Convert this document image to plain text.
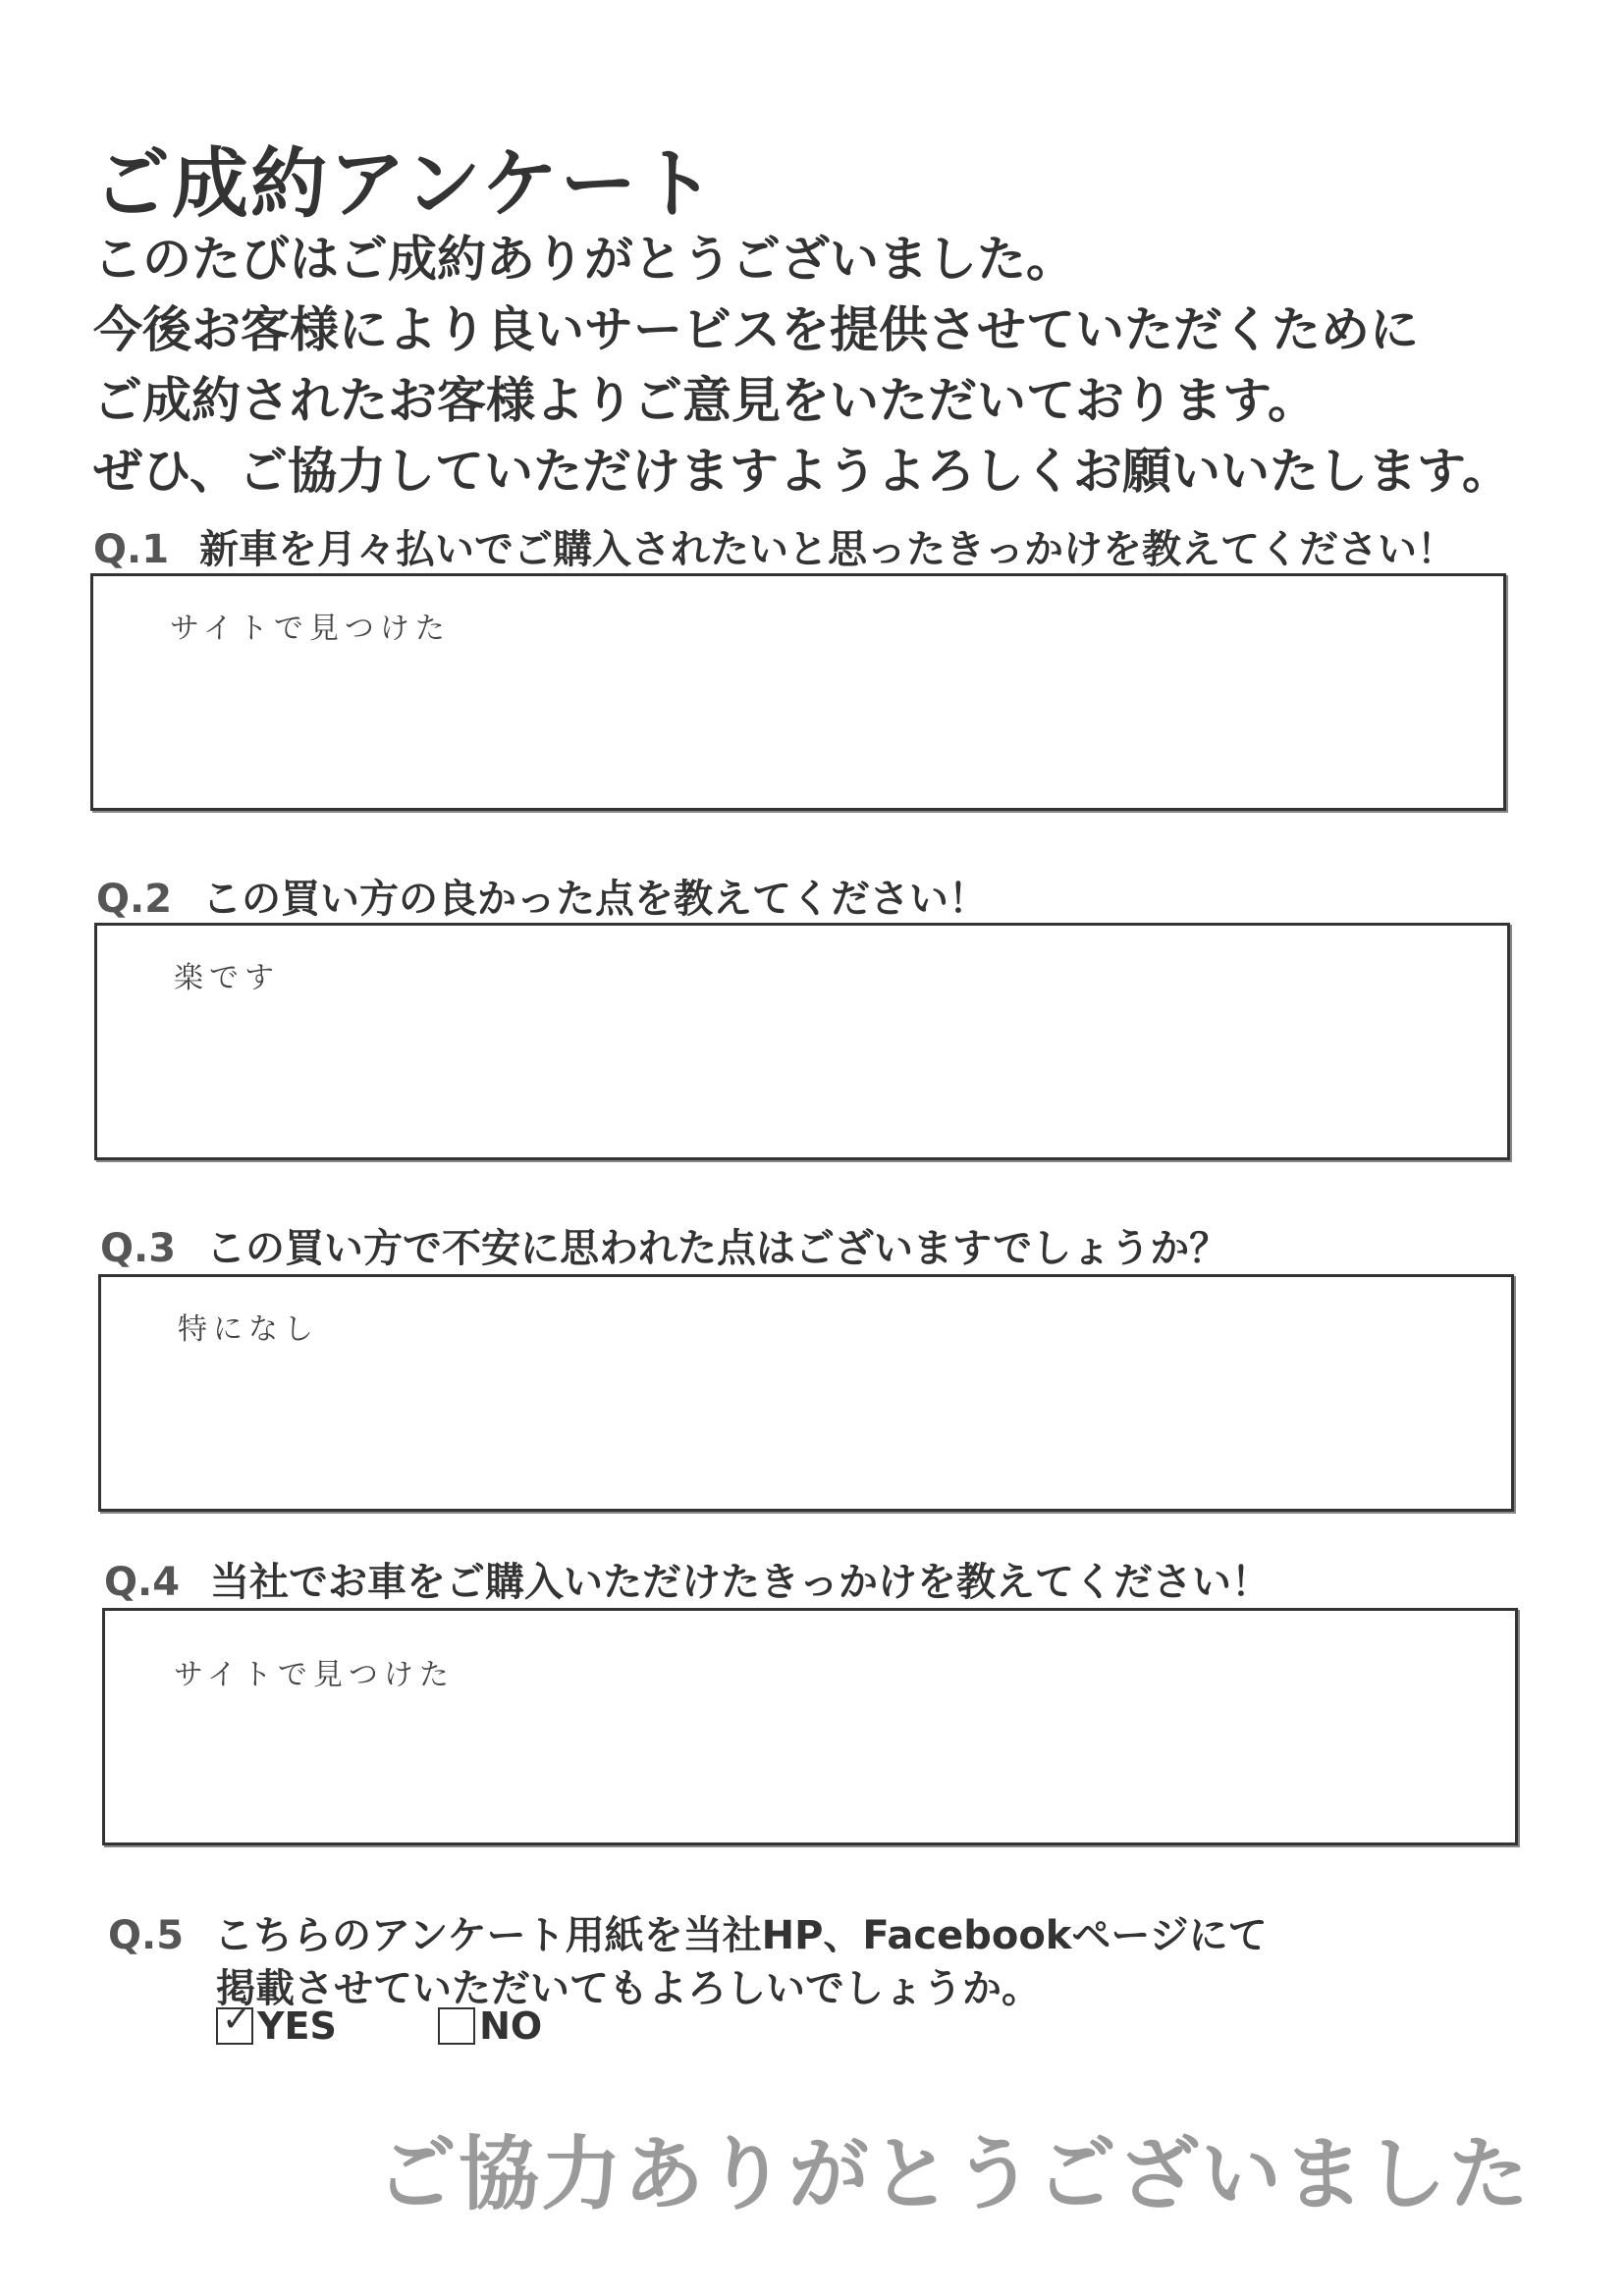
ご成約アンケート
このたびはご成約ありがとうございました。
今後お客様により良いサービスを提供させていただくために
ご成約されたお客様よりご意見をいただいております。
ぜひ、ご協力していただけますようよろしくお願いいたします。
Q.1 新車を月々払いでご購入されたいと思ったきっかけを教えてください！
サイトで見つけた
Q.2 この買い方の良かった点を教えてください！
楽です
Q.3 この買い方で不安に思われた点はございますでしょうか？
特になし
Q.4 当社でお車をご購入いただけたきっかけを教えてください！
サイトで見つけた
Q.5 こちらのアンケート用紙を当社HP、Facebookページにて
掲載させていただいてもよろしいでしょうか。
✓ YES
	NO
ご協力ありがとうございました
